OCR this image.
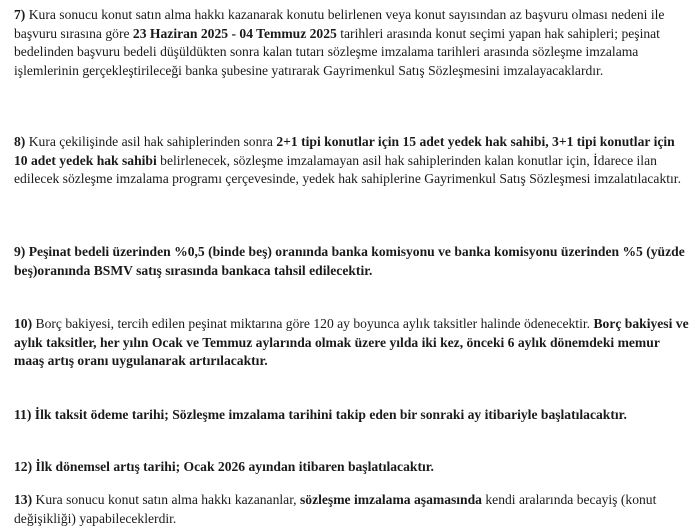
7) Kura sonucu konut satın alma hakkı kazanarak konutu belirlenen veya konut sayısından az başvuru olması nedeni ile başvuru sırasına göre 23 Haziran 2025 - 04 Temmuz 2025 tarihleri arasında konut seçimi yapan hak sahipleri; peşinat bedelinden başvuru bedeli düşüldükten sonra kalan tutarı sözleşme imzalama tarihleri arasında sözleşme imzalama işlemlerinin gerçekleştirileceği banka şubesine yatırarak Gayrimenkul Satış Sözleşmesini imzalayacaklardır.

8) Kura çekilişinde asil hak sahiplerinden sonra 2+1 tipi konutlar için 15 adet yedek hak sahibi, 3+1 tipi konutlar için 10 adet yedek hak sahibi belirlenecek, sözleşme imzalamayan asil hak sahiplerinden kalan konutlar için, İdarece ilan edilecek sözleşme imzalama programı çerçevesinde, yedek hak sahiplerine Gayrimenkul Satış Sözleşmesi imzalatılacaktır.

9) Peşinat bedeli üzerinden %0,5 (binde beş) oranında banka komisyonu ve banka komisyonu üzerinden %5 (yüzde beş)oranında BSMV satış sırasında bankaca tahsil edilecektir.

10) Borç bakiyesi, tercih edilen peşinat miktarına göre 120 ay boyunca aylık taksitler halinde ödenecektir. Borç bakiyesi ve aylık taksitler, her yılın Ocak ve Temmuz aylarında olmak üzere yılda iki kez, önceki 6 aylık dönemdeki memur maaş artış oranı uygulanarak artırılacaktır.

11) İlk taksit ödeme tarihi; Sözleşme imzalama tarihini takip eden bir sonraki ay itibariyle başlatılacaktır.

12) İlk dönemsel artış tarihi; Ocak 2026 ayından itibaren başlatılacaktır.

13) Kura sonucu konut satın alma hakkı kazananlar, sözleşme imzalama aşamasında kendi aralarında becayiş (konut değişikliği) yapabileceklerdir.
